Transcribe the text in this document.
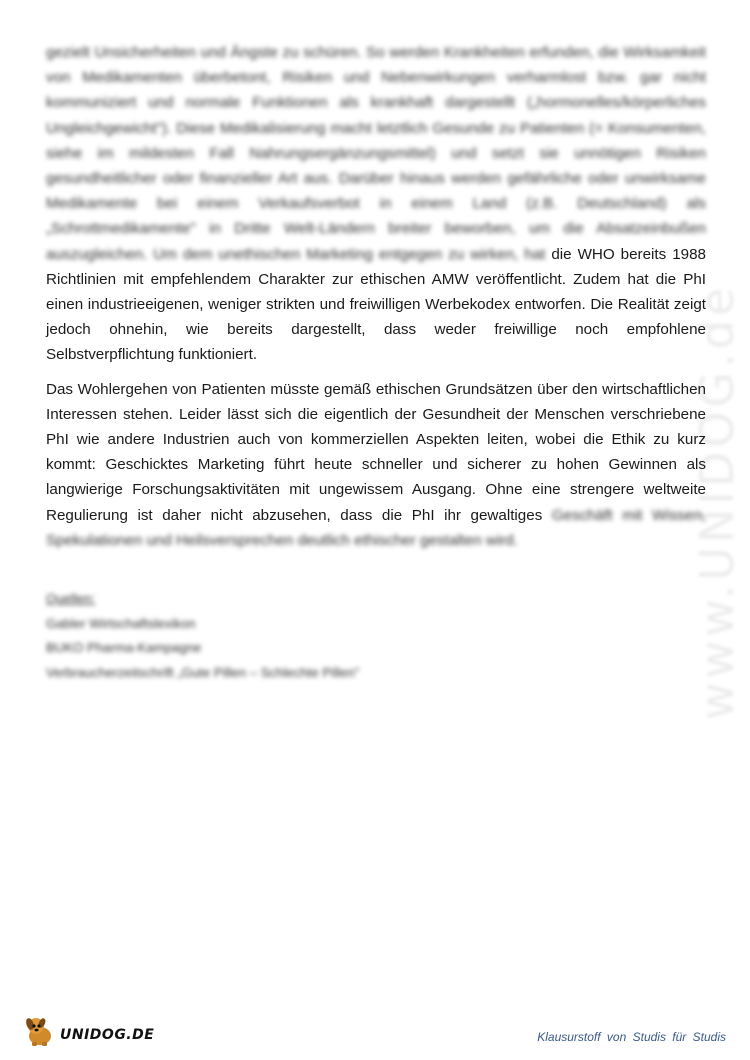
www.UNIDOG.de

gezielt Unsicherheiten und Ängste zu schüren. So werden Krankheiten erfunden, die Wirksamkeit von Medikamenten überbetont, Risiken und Nebenwirkungen verharmlost bzw. gar nicht kommuniziert und normale Funktionen als krankhaft dargestellt („hormonelles/körperliches Ungleichgewicht"). Diese Medikalisierung macht letztlich Gesunde zu Patienten (= Konsumenten, siehe im mildesten Fall Nahrungsergänzungsmittel) und setzt sie unnötigen Risiken gesundheitlicher oder finanzieller Art aus. Darüber hinaus werden gefährliche oder unwirksame Medikamente bei einem Verkaufsverbot in einem Land (z.B. Deutschland) als „Schrottmedikamente" in Dritte Welt-Ländern breiter beworben, um die Absatzeinbußen auszugleichen. Um dem unethischen Marketing entgegen zu wirken, hat die WHO bereits 1988 Richtlinien mit empfehlendem Charakter zur ethischen AMW veröffentlicht. Zudem hat die PhI einen industrieeigenen, weniger strikten und freiwilligen Werbekodex entworfen. Die Realität zeigt jedoch ohnehin, wie bereits dargestellt, dass weder freiwillige noch empfohlene Selbstverpflichtung funktioniert.

Das Wohlergehen von Patienten müsste gemäß ethischen Grundsätzen über den wirtschaftlichen Interessen stehen. Leider lässt sich die eigentlich der Gesundheit der Menschen verschriebene PhI wie andere Industrien auch von kommerziellen Aspekten leiten, wobei die Ethik zu kurz kommt: Geschicktes Marketing führt heute schneller und sicherer zu hohen Gewinnen als langwierige Forschungsaktivitäten mit ungewissem Ausgang. Ohne eine strengere weltweite Regulierung ist daher nicht abzusehen, dass die PhI ihr gewaltiges Geschäft mit Wissen, Spekulationen und Heilsversprechen deutlich ethischer gestalten wird.

Quellen:
Gabler Wirtschaftslexikon
BUKO Pharma-Kampagne
Verbraucherzeitschrift „Gute Pillen – Schlechte Pillen"
UNIDOG.DE	Klausurstoff von Studis für Studis
